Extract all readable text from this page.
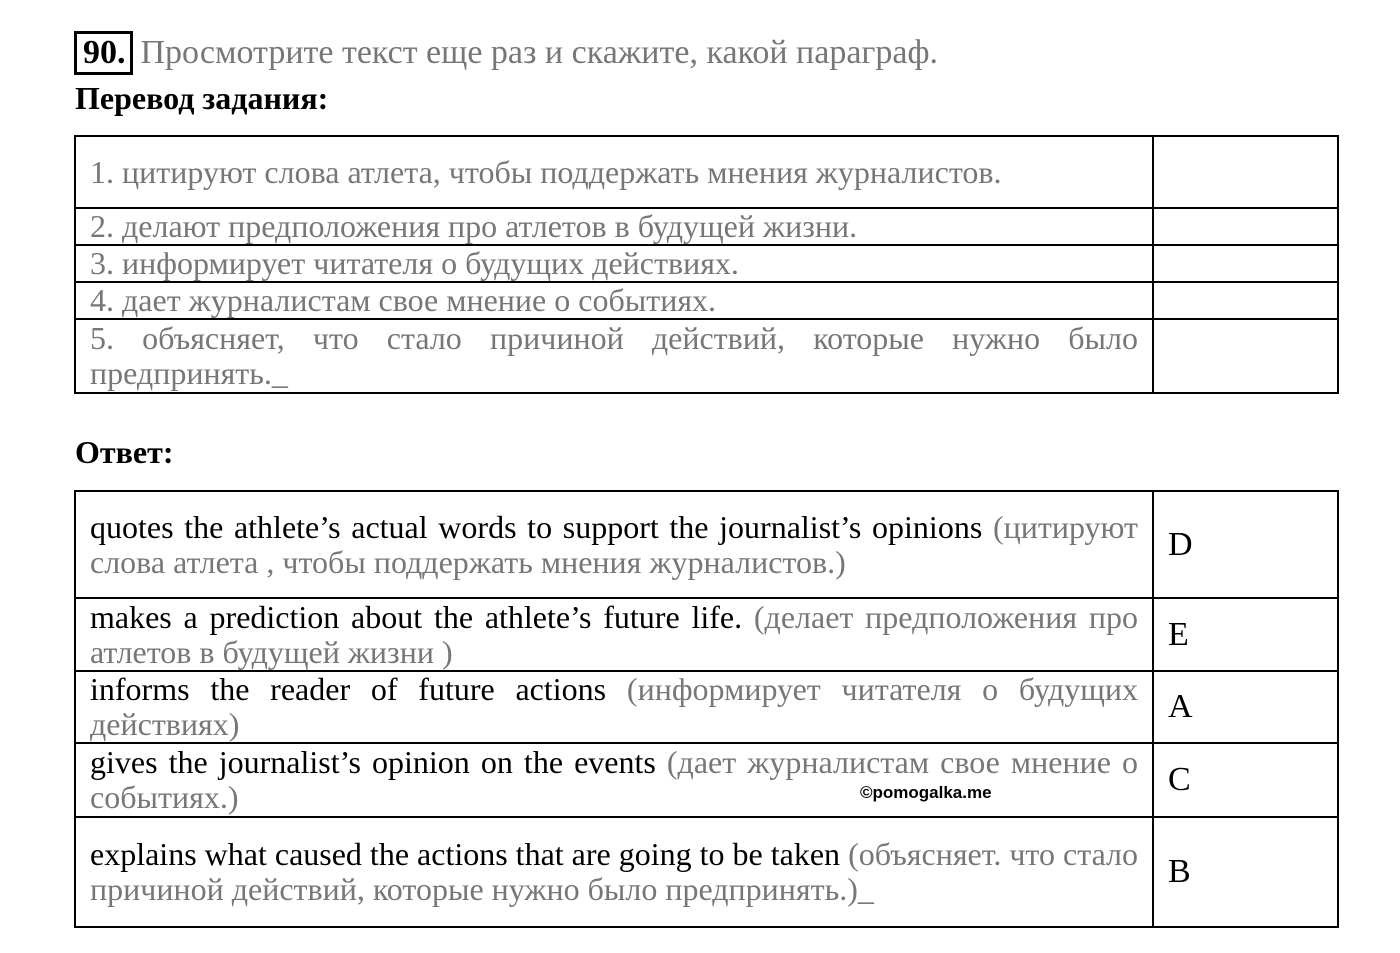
90. Просмотрите текст еще раз и скажите, какой параграф.
Перевод задания:
1. цитируют слова атлета, чтобы поддержать мнения журналистов.	
2. делают предположения про атлетов в будущей жизни.	
3. информирует читателя о будущих действиях.	
4. дает журналистам свое мнение о событиях.	
5. объясняет, что стало причиной действий, которые нужно было предпринять._	
Ответ:
quotes the athlete’s actual words to support the journalist’s opinions (цитируют слова атлета , чтобы поддержать мнения журналистов.)	D
makes a prediction about the athlete’s future life. (делает предположения про атлетов в будущей жизни )	E
informs the reader of future actions (информирует читателя о будущих действиях)	A
gives the journalist’s opinion on the events (дает журналистам свое мнение о событиях.)	C
explains what caused the actions that are going to be taken (объясняет. что стало причиной действий, которые нужно было предпринять.)_	B
©pomogalka.me
